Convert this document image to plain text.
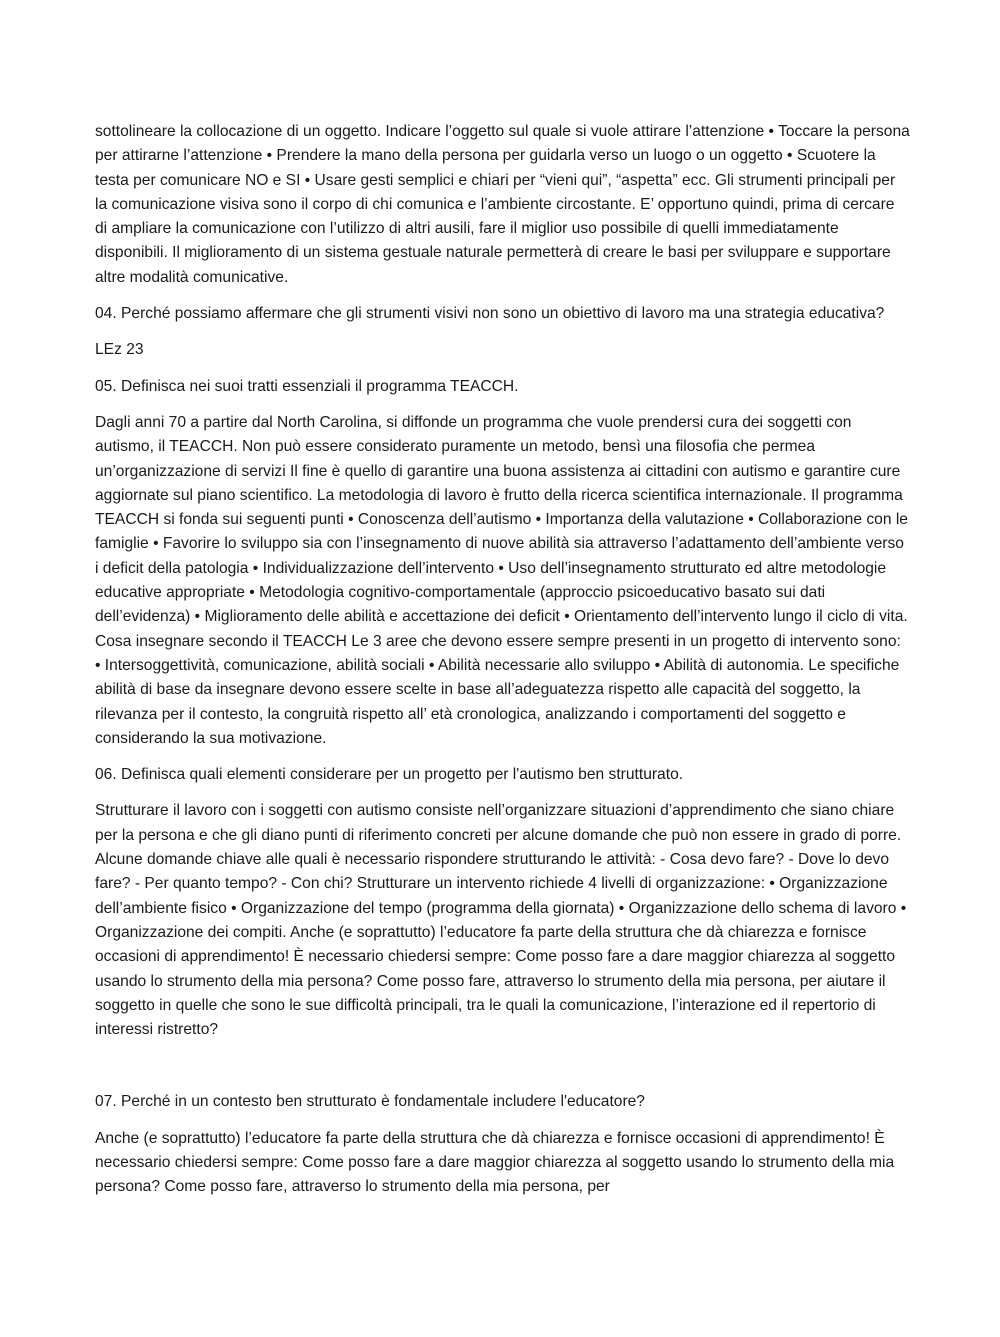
sottolineare la collocazione di un oggetto. Indicare l’oggetto sul quale si vuole attirare l’attenzione • Toccare la persona per attirarne l’attenzione • Prendere la mano della persona per guidarla verso un luogo o un oggetto • Scuotere la testa per comunicare NO e SI • Usare gesti semplici e chiari per “vieni qui”, “aspetta” ecc. Gli strumenti principali per la comunicazione visiva sono il corpo di chi comunica e l’ambiente circostante. E’ opportuno quindi, prima di cercare di ampliare la comunicazione con l’utilizzo di altri ausili, fare il miglior uso possibile di quelli immediatamente disponibili. Il miglioramento di un sistema gestuale naturale permetterà di creare le basi per sviluppare e supportare altre modalità comunicative.

04. Perché possiamo affermare che gli strumenti visivi non sono un obiettivo di lavoro ma una strategia educativa?

LEz 23

05. Definisca nei suoi tratti essenziali il programma TEACCH.

Dagli anni 70 a partire dal North Carolina, si diffonde un programma che vuole prendersi cura dei soggetti con autismo, il TEACCH. Non può essere considerato puramente un metodo, bensì una filosofia che permea un’organizzazione di servizi Il fine è quello di garantire una buona assistenza ai cittadini con autismo e garantire cure aggiornate sul piano scientifico. La metodologia di lavoro è frutto della ricerca scientifica internazionale. Il programma TEACCH si fonda sui seguenti punti • Conoscenza dell’autismo • Importanza della valutazione • Collaborazione con le famiglie • Favorire lo sviluppo sia con l’insegnamento di nuove abilità sia attraverso l’adattamento dell’ambiente verso i deficit della patologia • Individualizzazione dell’intervento • Uso dell’insegnamento strutturato ed altre metodologie educative appropriate • Metodologia cognitivo-comportamentale (approccio psicoeducativo basato sui dati dell’evidenza) • Miglioramento delle abilità e accettazione dei deficit • Orientamento dell’intervento lungo il ciclo di vita. Cosa insegnare secondo il TEACCH Le 3 aree che devono essere sempre presenti in un progetto di intervento sono: • Intersoggettività, comunicazione, abilità sociali • Abilità necessarie allo sviluppo • Abilità di autonomia. Le specifiche abilità di base da insegnare devono essere scelte in base all’adeguatezza rispetto alle capacità del soggetto, la rilevanza per il contesto, la congruità rispetto all’ età cronologica, analizzando i comportamenti del soggetto e considerando la sua motivazione.

06. Definisca quali elementi considerare per un progetto per l'autismo ben strutturato.

Strutturare il lavoro con i soggetti con autismo consiste nell’organizzare situazioni d’apprendimento che siano chiare per la persona e che gli diano punti di riferimento concreti per alcune domande che può non essere in grado di porre. Alcune domande chiave alle quali è necessario rispondere strutturando le attività: - Cosa devo fare? - Dove lo devo fare? - Per quanto tempo? - Con chi? Strutturare un intervento richiede 4 livelli di organizzazione: • Organizzazione dell’ambiente fisico • Organizzazione del tempo (programma della giornata) • Organizzazione dello schema di lavoro • Organizzazione dei compiti. Anche (e soprattutto) l’educatore fa parte della struttura che dà chiarezza e fornisce occasioni di apprendimento! È necessario chiedersi sempre: Come posso fare a dare maggior chiarezza al soggetto usando lo strumento della mia persona? Come posso fare, attraverso lo strumento della mia persona, per aiutare il soggetto in quelle che sono le sue difficoltà principali, tra le quali la comunicazione, l’interazione ed il repertorio di interessi ristretto?

07. Perché in un contesto ben strutturato è fondamentale includere l'educatore?

Anche (e soprattutto) l’educatore fa parte della struttura che dà chiarezza e fornisce occasioni di apprendimento! È necessario chiedersi sempre: Come posso fare a dare maggior chiarezza al soggetto usando lo strumento della mia persona? Come posso fare, attraverso lo strumento della mia persona, per
